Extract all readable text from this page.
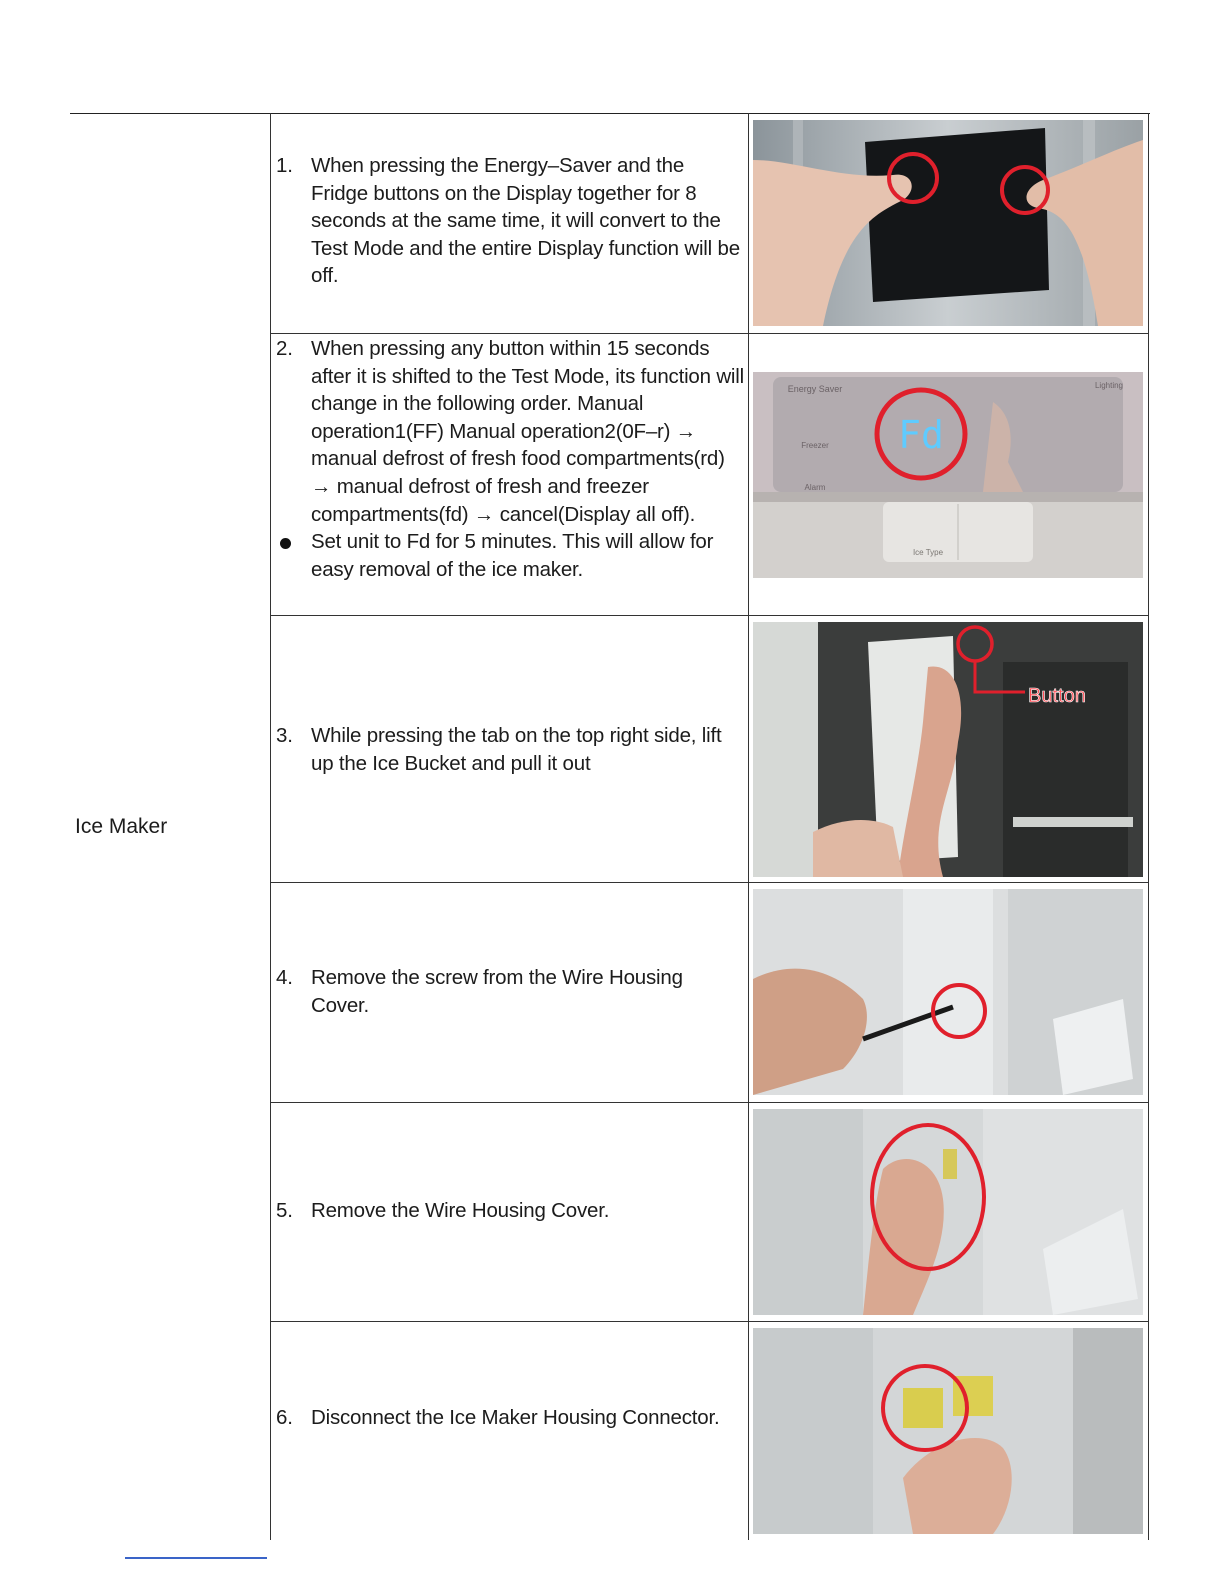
Ice Maker
1. When pressing the Energy–Saver and the Fridge buttons on the Display together for 8 seconds at the same time, it will convert to the Test Mode and the entire Display function will be off.
2. When pressing any button within 15 seconds after it is shifted to the Test Mode, its function will change in the following order. Manual operation1(FF) Manual operation2(0F–r) → manual defrost of fresh food compartments(rd) → manual defrost of fresh and freezer compartments(fd) → cancel(Display all off).
Set unit to Fd for 5 minutes. This will allow for easy removal of the ice maker.
3. While pressing the tab on the top right side, lift up the Ice Bucket and pull it out
4. Remove the screw from the Wire Housing Cover.
5. Remove the Wire Housing Cover.
6. Disconnect the Ice Maker Housing Connector.
Fd
Energy Saver
Freezer
Alarm
Lighting
Ice Type
Button
